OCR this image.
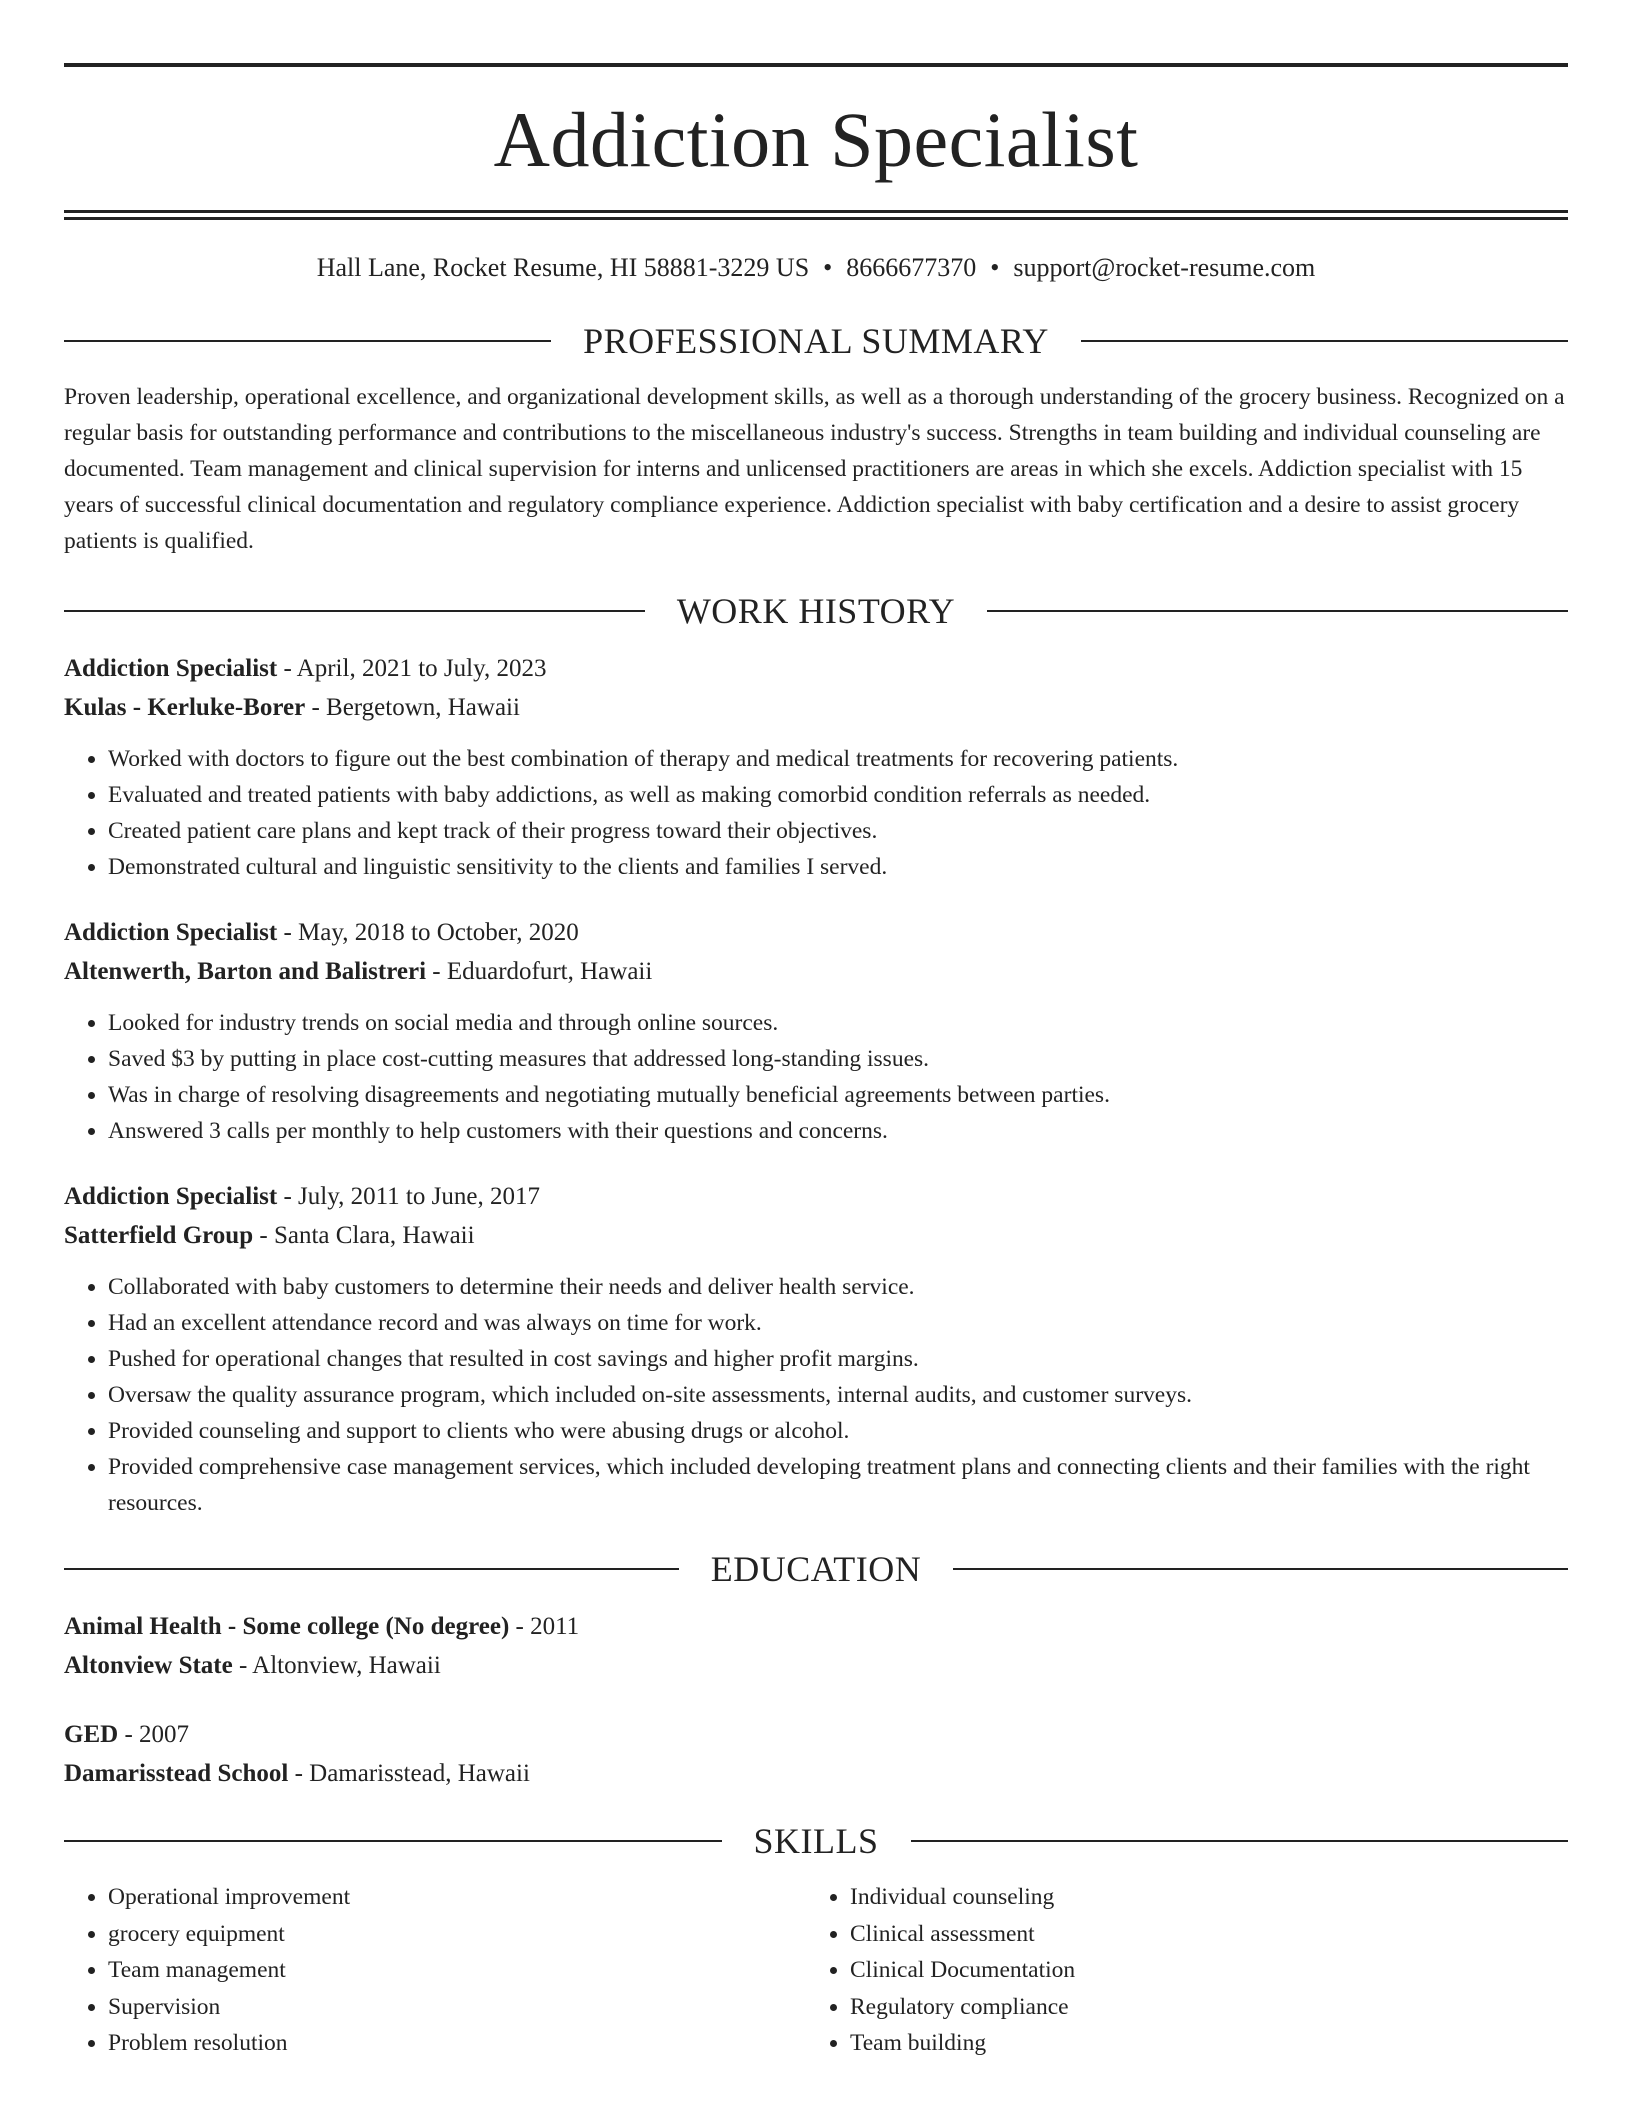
Addiction Specialist
Hall Lane, Rocket Resume, HI 58881-3229 US • 8666677370 • support@rocket-resume.com
PROFESSIONAL SUMMARY

Proven leadership, operational excellence, and organizational development skills, as well as a thorough understanding of the grocery business. Recognized on a regular basis for outstanding performance and contributions to the miscellaneous industry's success. Strengths in team building and individual counseling are documented. Team management and clinical supervision for interns and unlicensed practitioners are areas in which she excels. Addiction specialist with 15 years of successful clinical documentation and regulatory compliance experience. Addiction specialist with baby certification and a desire to assist grocery patients is qualified.

WORK HISTORY
Addiction Specialist - April, 2021 to July, 2023
Kulas - Kerluke-Borer - Bergetown, Hawaii
• Worked with doctors to figure out the best combination of therapy and medical treatments for recovering patients.
• Evaluated and treated patients with baby addictions, as well as making comorbid condition referrals as needed.
• Created patient care plans and kept track of their progress toward their objectives.
• Demonstrated cultural and linguistic sensitivity to the clients and families I served.
Addiction Specialist - May, 2018 to October, 2020
Altenwerth, Barton and Balistreri - Eduardofurt, Hawaii
• Looked for industry trends on social media and through online sources.
• Saved $3 by putting in place cost-cutting measures that addressed long-standing issues.
• Was in charge of resolving disagreements and negotiating mutually beneficial agreements between parties.
• Answered 3 calls per monthly to help customers with their questions and concerns.
Addiction Specialist - July, 2011 to June, 2017
Satterfield Group - Santa Clara, Hawaii
• Collaborated with baby customers to determine their needs and deliver health service.
• Had an excellent attendance record and was always on time for work.
• Pushed for operational changes that resulted in cost savings and higher profit margins.
• Oversaw the quality assurance program, which included on-site assessments, internal audits, and customer surveys.
• Provided counseling and support to clients who were abusing drugs or alcohol.
• Provided comprehensive case management services, which included developing treatment plans and connecting clients and their families with the right resources.
EDUCATION
Animal Health - Some college (No degree) - 2011
Altonview State - Altonview, Hawaii
GED - 2007
Damarisstead School - Damarisstead, Hawaii
SKILLS
• Operational improvement
• grocery equipment
• Team management
• Supervision
• Problem resolution
• Individual counseling
• Clinical assessment
• Clinical Documentation
• Regulatory compliance
• Team building
